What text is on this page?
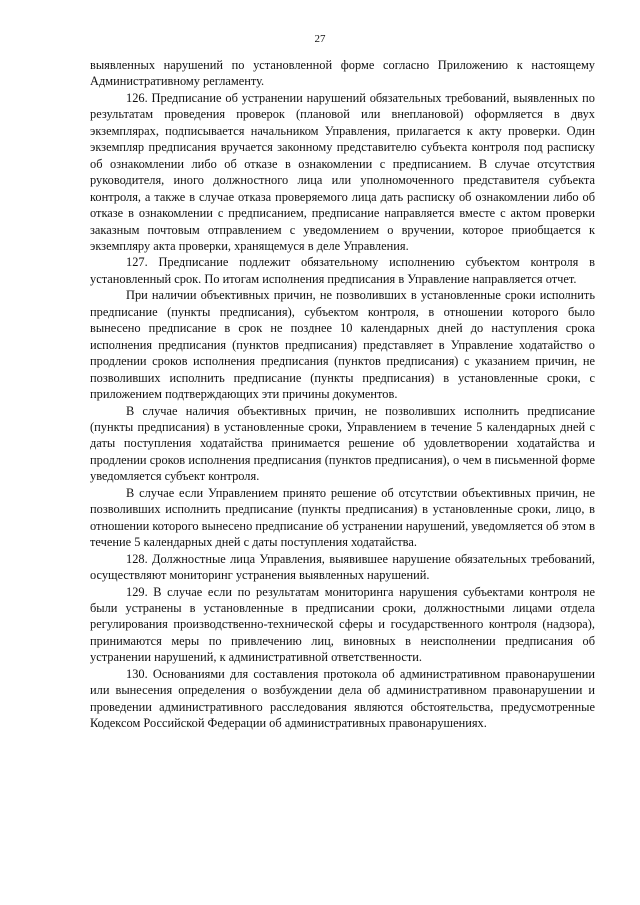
27

выявленных нарушений по установленной форме согласно Приложению к настоящему Административному регламенту.

126. Предписание об устранении нарушений обязательных требований, выявленных по результатам проведения проверок (плановой или внеплановой) оформляется в двух экземплярах, подписывается начальником Управления, прилагается к акту проверки. Один экземпляр предписания вручается законному представителю субъекта контроля под расписку об ознакомлении либо об отказе в ознакомлении с предписанием. В случае отсутствия руководителя, иного должностного лица или уполномоченного представителя субъекта контроля, а также в случае отказа проверяемого лица дать расписку об ознакомлении либо об отказе в ознакомлении с предписанием, предписание направляется вместе с актом проверки заказным почтовым отправлением с уведомлением о вручении, которое приобщается к экземпляру акта проверки, хранящемуся в деле Управления.

127. Предписание подлежит обязательному исполнению субъектом контроля в установленный срок. По итогам исполнения предписания в Управление направляется отчет.

При наличии объективных причин, не позволивших в установленные сроки исполнить предписание (пункты предписания), субъектом контроля, в отношении которого было вынесено предписание в срок не позднее 10 календарных дней до наступления срока исполнения предписания (пунктов предписания) представляет в Управление ходатайство о продлении сроков исполнения предписания (пунктов предписания) с указанием причин, не позволивших исполнить предписание (пункты предписания) в установленные сроки, с приложением подтверждающих эти причины документов.

В случае наличия объективных причин, не позволивших исполнить предписание (пункты предписания) в установленные сроки, Управлением в течение 5 календарных дней с даты поступления ходатайства принимается решение об удовлетворении ходатайства и продлении сроков исполнения предписания (пунктов предписания), о чем в письменной форме уведомляется субъект контроля.

В случае если Управлением принято решение об отсутствии объективных причин, не позволивших исполнить предписание (пункты предписания) в установленные сроки, лицо, в отношении которого вынесено предписание об устранении нарушений, уведомляется об этом в течение 5 календарных дней с даты поступления ходатайства.

128. Должностные лица Управления, выявившее нарушение обязательных требований, осуществляют мониторинг устранения выявленных нарушений.

129. В случае если по результатам мониторинга нарушения субъектами контроля не были устранены в установленные в предписании сроки, должностными лицами отдела регулирования производственно-технической сферы и государственного контроля (надзора), принимаются меры по привлечению лиц, виновных в неисполнении предписания об устранении нарушений, к административной ответственности.

130. Основаниями для составления протокола об административном правонарушении или вынесения определения о возбуждении дела об административном правонарушении и проведении административного расследования являются обстоятельства, предусмотренные Кодексом Российской Федерации об административных правонарушениях.
